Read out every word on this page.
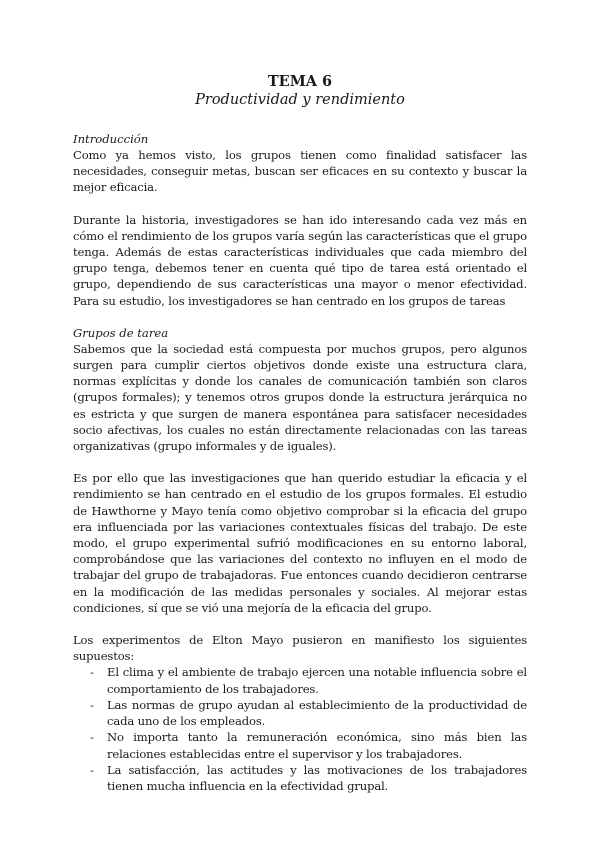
TEMA 6

Productividad y rendimiento

Introducción

Como ya hemos visto, los grupos tienen como finalidad satisfacer las necesidades, conseguir metas, buscan ser eficaces en su contexto y buscar la mejor eficacia.

Durante la historia, investigadores se han ido interesando cada vez más en cómo el rendimiento de los grupos varía según las características que el grupo tenga. Además de estas características individuales que cada miembro del grupo tenga, debemos tener en cuenta qué tipo de tarea está orientado el grupo, dependiendo de sus características una mayor o menor efectividad. Para su estudio, los investigadores se han centrado en los grupos de tareas

Grupos de tarea

Sabemos que la sociedad está compuesta por muchos grupos, pero algunos surgen para cumplir ciertos objetivos donde existe una estructura clara, normas explícitas y donde los canales de comunicación también son claros (grupos formales); y tenemos otros grupos donde la estructura jerárquica no es estricta y que surgen de manera espontánea para satisfacer necesidades socio afectivas, los cuales no están directamente relacionadas con las tareas organizativas (grupo informales y de iguales).

Es por ello que las investigaciones que han querido estudiar la eficacia y el rendimiento se han centrado en el estudio de los grupos formales. El estudio de Hawthorne y Mayo tenía como objetivo comprobar si la eficacia del grupo era influenciada por las variaciones contextuales físicas del trabajo. De este modo, el grupo experimental sufrió modificaciones en su entorno laboral, comprobándose que las variaciones del contexto no influyen en el modo de trabajar del grupo de trabajadoras. Fue entonces cuando decidieron centrarse en la modificación de las medidas personales y sociales. Al mejorar estas condiciones, sí que se vió una mejoría de la eficacia del grupo.

Los experimentos de Elton Mayo pusieron en manifiesto los siguientes supuestos:

- El clima y el ambiente de trabajo ejercen una notable influencia sobre el comportamiento de los trabajadores.
- Las normas de grupo ayudan al establecimiento de la productividad de cada uno de los empleados.
- No importa tanto la remuneración económica, sino más bien las relaciones establecidas entre el supervisor y los trabajadores.
- La satisfacción, las actitudes y las motivaciones de los trabajadores tienen mucha influencia en la efectividad grupal.
